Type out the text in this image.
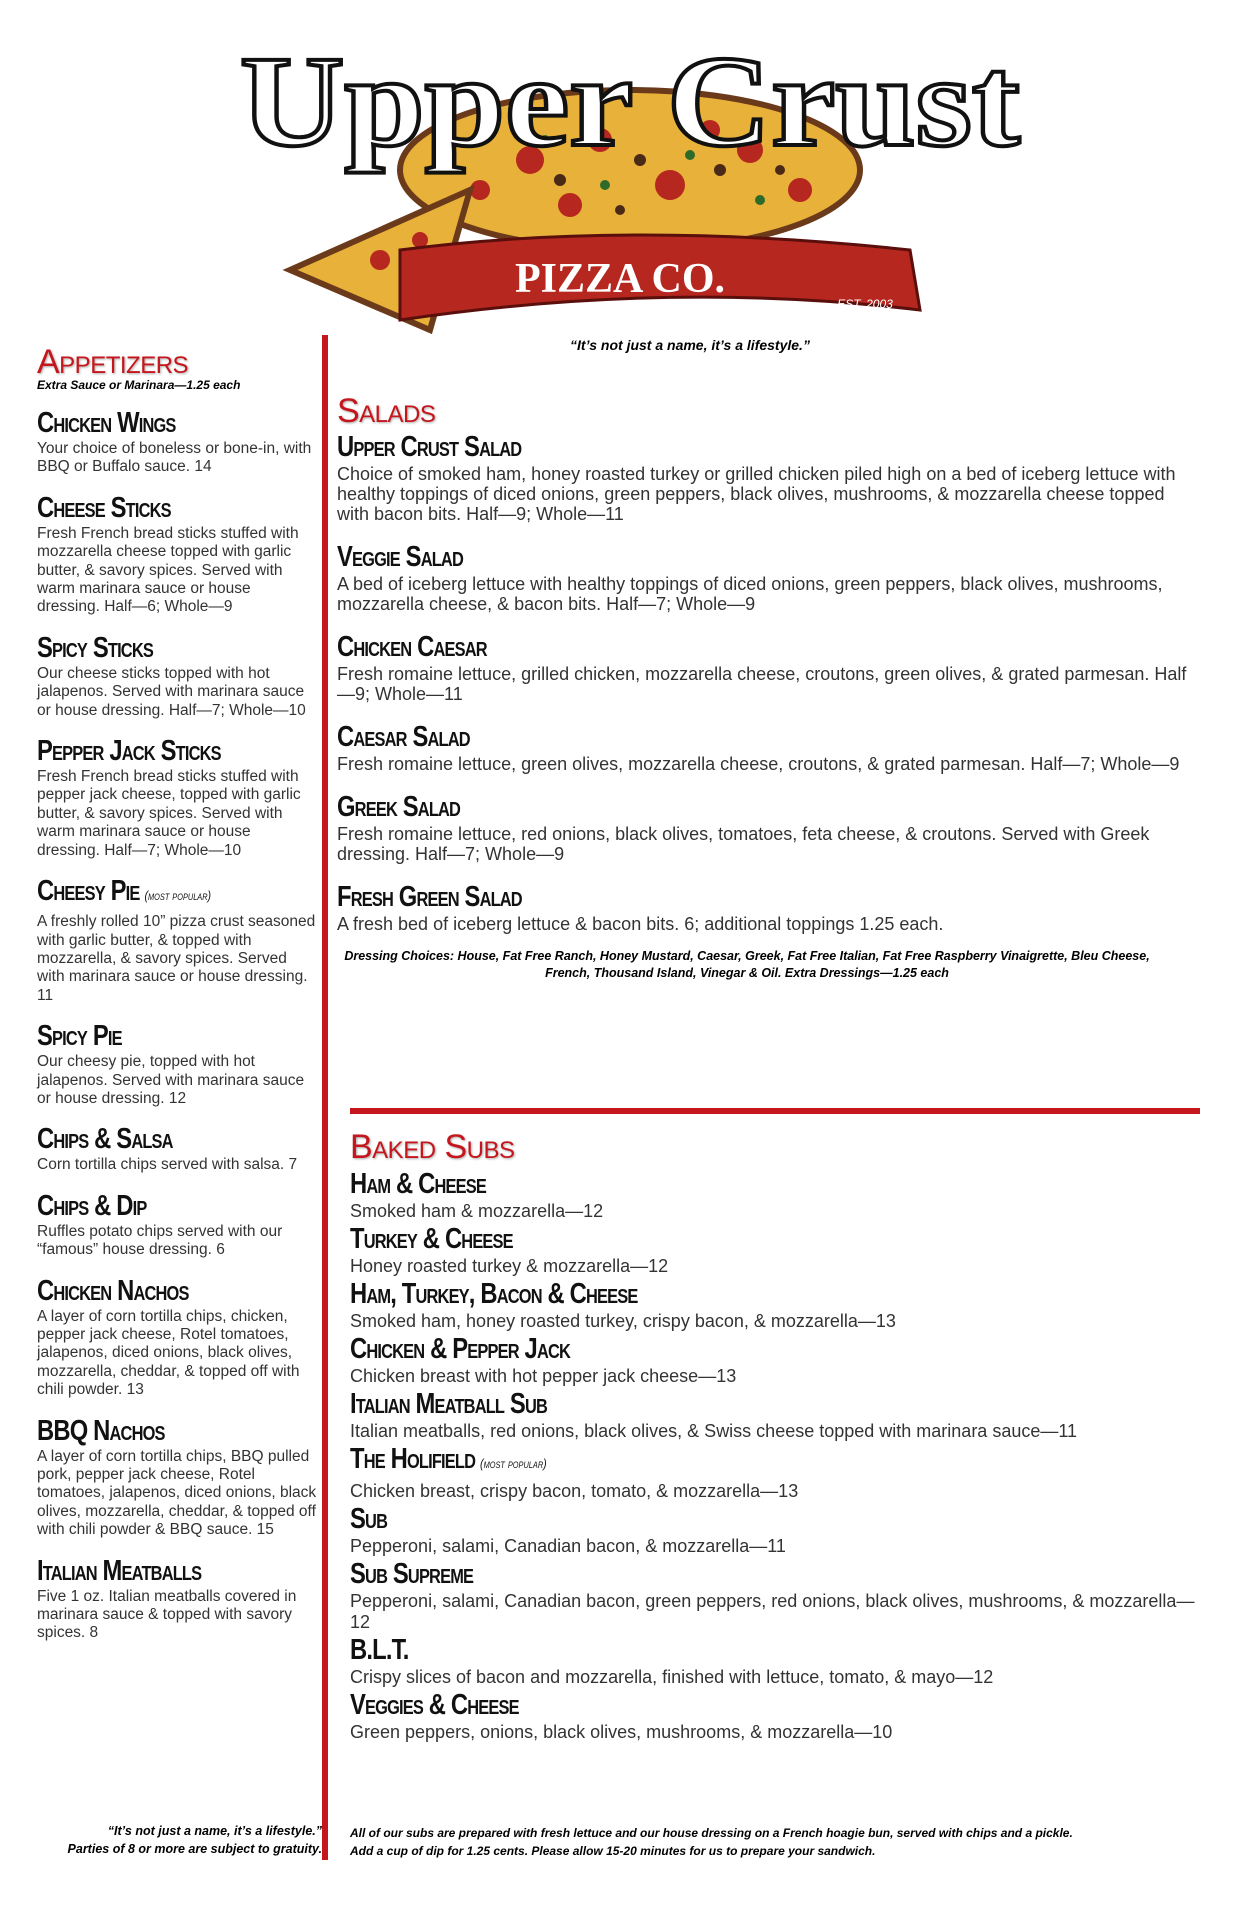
PIZZA CO.
EST. 2003
Upper Crust
“It’s not just a name, it’s a lifestyle.”
Appetizers
Extra Sauce or Marinara—1.25 each
Chicken Wings
Your choice of boneless or bone-in, with BBQ or Buffalo sauce. 14
Cheese Sticks
Fresh French bread sticks stuffed with mozzarella cheese topped with garlic butter, & savory spices. Served with warm marinara sauce or house dressing. Half—6; Whole—9
Spicy Sticks
Our cheese sticks topped with hot jalapenos. Served with marinara sauce or house dressing. Half—7; Whole—10
Pepper Jack Sticks
Fresh French bread sticks stuffed with pepper jack cheese, topped with garlic butter, & savory spices. Served with warm marinara sauce or house dressing. Half—7; Whole—10
Cheesy Pie (most popular)
A freshly rolled 10” pizza crust seasoned with garlic butter, & topped with mozzarella, & savory spices. Served with marinara sauce or house dressing. 11
Spicy Pie
Our cheesy pie, topped with hot jalapenos. Served with marinara sauce or house dressing. 12
Chips & Salsa
Corn tortilla chips served with salsa. 7
Chips & Dip
Ruffles potato chips served with our “famous” house dressing. 6
Chicken Nachos
A layer of corn tortilla chips, chicken, pepper jack cheese, Rotel tomatoes, jalapenos, diced onions, black olives, mozzarella, cheddar, & topped off with chili powder. 13
BBQ Nachos
A layer of corn tortilla chips, BBQ pulled pork, pepper jack cheese, Rotel tomatoes, jalapenos, diced onions, black olives, mozzarella, cheddar, & topped off with chili powder & BBQ sauce. 15
Italian Meatballs
Five 1 oz. Italian meatballs covered in marinara sauce & topped with savory spices. 8
“It’s not just a name, it’s a lifestyle.”
Parties of 8 or more are subject to gratuity.
Salads
Upper Crust Salad
Choice of smoked ham, honey roasted turkey or grilled chicken piled high on a bed of iceberg lettuce with healthy toppings of diced onions, green peppers, black olives, mushrooms, & mozzarella cheese topped with bacon bits. Half—9; Whole—11
Veggie Salad
A bed of iceberg lettuce with healthy toppings of diced onions, green peppers, black olives, mushrooms, mozzarella cheese, & bacon bits. Half—7; Whole—9
Chicken Caesar
Fresh romaine lettuce, grilled chicken, mozzarella cheese, croutons, green olives, & grated parmesan. Half—9; Whole—11
Caesar Salad
Fresh romaine lettuce, green olives, mozzarella cheese, croutons, & grated parmesan. Half—7; Whole—9
Greek Salad
Fresh romaine lettuce, red onions, black olives, tomatoes, feta cheese, & croutons. Served with Greek dressing. Half—7; Whole—9
Fresh Green Salad
A fresh bed of iceberg lettuce & bacon bits. 6; additional toppings 1.25 each.
Dressing Choices: House, Fat Free Ranch, Honey Mustard, Caesar, Greek, Fat Free Italian, Fat Free Raspberry Vinaigrette, Bleu Cheese, French, Thousand Island, Vinegar & Oil. Extra Dressings—1.25 each
Baked Subs
Ham & Cheese
Smoked ham & mozzarella—12
Turkey & Cheese
Honey roasted turkey & mozzarella—12
Ham, Turkey, Bacon & Cheese
Smoked ham, honey roasted turkey, crispy bacon, & mozzarella—13
Chicken & Pepper Jack
Chicken breast with hot pepper jack cheese—13
Italian Meatball Sub
Italian meatballs, red onions, black olives, & Swiss cheese topped with marinara sauce—11
The Holifield (most popular)
Chicken breast, crispy bacon, tomato, & mozzarella—13
Sub
Pepperoni, salami, Canadian bacon, & mozzarella—11
Sub Supreme
Pepperoni, salami, Canadian bacon, green peppers, red onions, black olives, mushrooms, & mozzarella—12
B.L.T.
Crispy slices of bacon and mozzarella, finished with lettuce, tomato, & mayo—12
Veggies & Cheese
Green peppers, onions, black olives, mushrooms, & mozzarella—10
All of our subs are prepared with fresh lettuce and our house dressing on a French hoagie bun, served with chips and a pickle.
Add a cup of dip for 1.25 cents. Please allow 15-20 minutes for us to prepare your sandwich.
